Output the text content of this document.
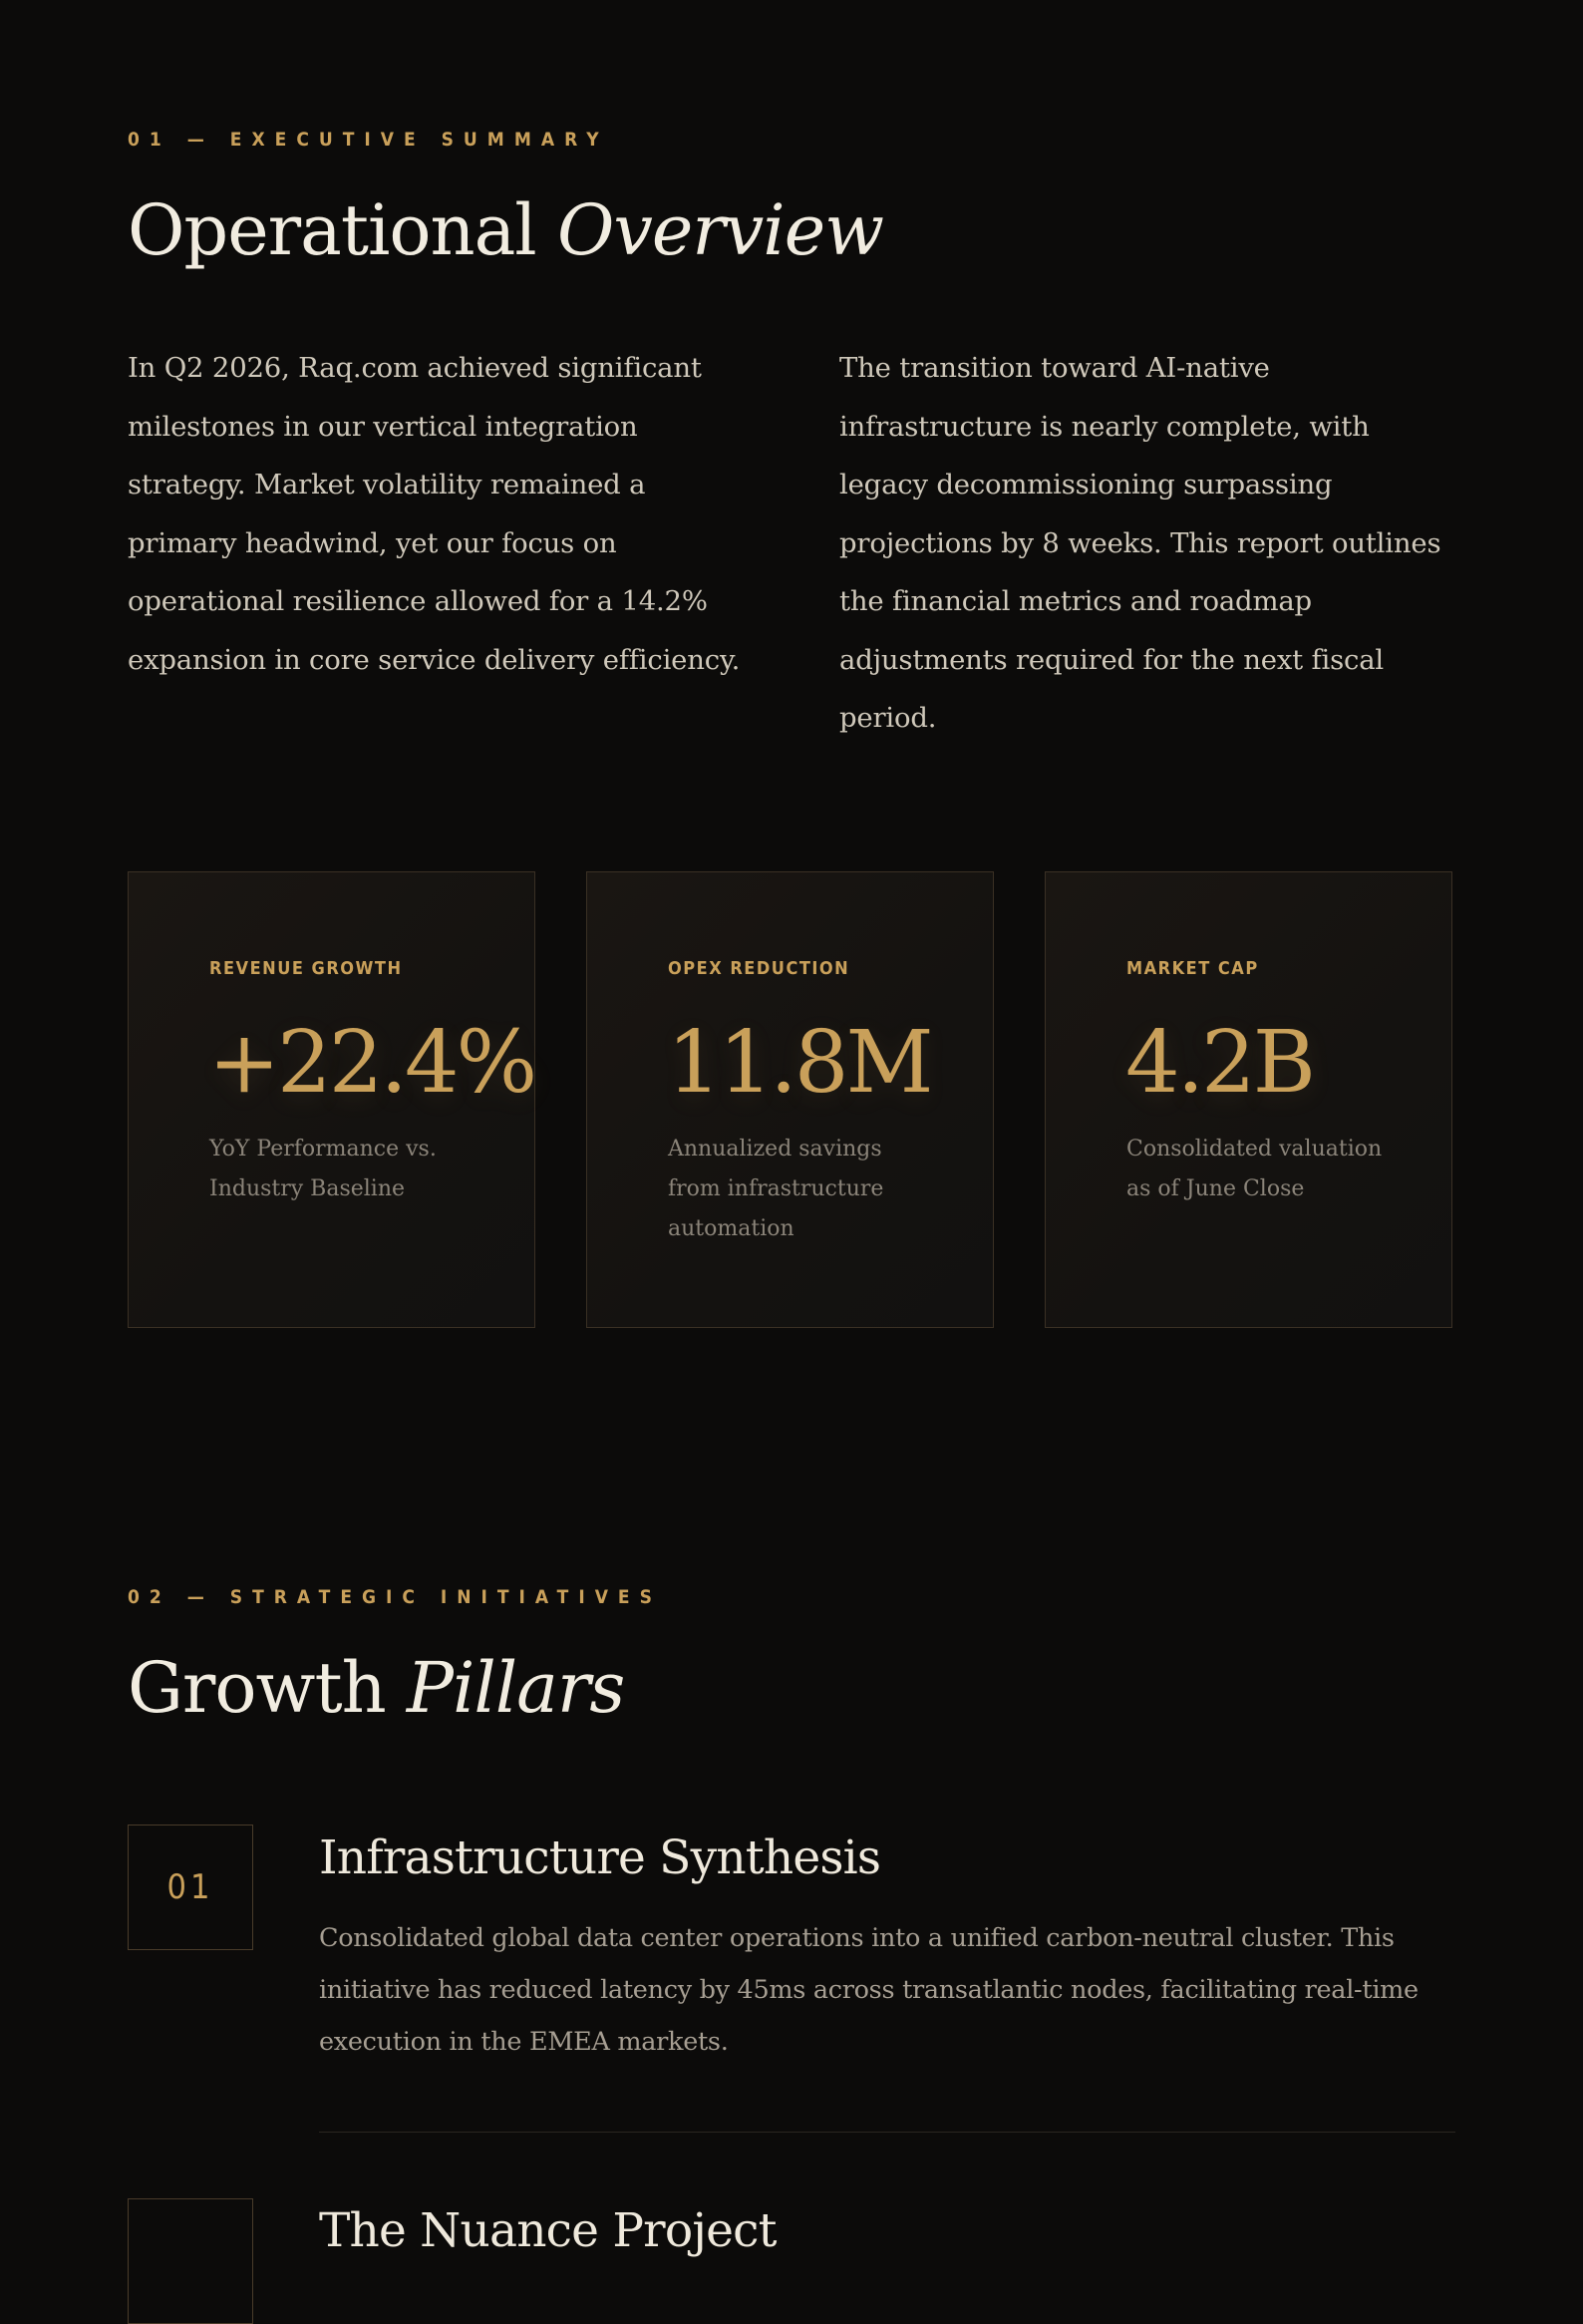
01 — EXECUTIVE SUMMARY
Operational Overview

In Q2 2026, Raq.com achieved significant milestones in our vertical integration strategy. Market volatility remained a primary headwind, yet our focus on operational resilience allowed for a 14.2% expansion in core service delivery efficiency.

The transition toward AI-native infrastructure is nearly complete, with legacy decommissioning surpassing projections by 8 weeks. This report outlines the financial metrics and roadmap adjustments required for the next fiscal period.

REVENUE GROWTH
+22.4%
YoY Performance vs. Industry Baseline
OPEX REDUCTION
11.8M
Annualized savings from infrastructure automation
MARKET CAP
4.2B
Consolidated valuation as of June Close
02 — STRATEGIC INITIATIVES
Growth Pillars
01
Infrastructure Synthesis

Consolidated global data center operations into a unified carbon-neutral cluster. This initiative has reduced latency by 45ms across transatlantic nodes, facilitating real-time execution in the EMEA markets.

The Nuance Project
